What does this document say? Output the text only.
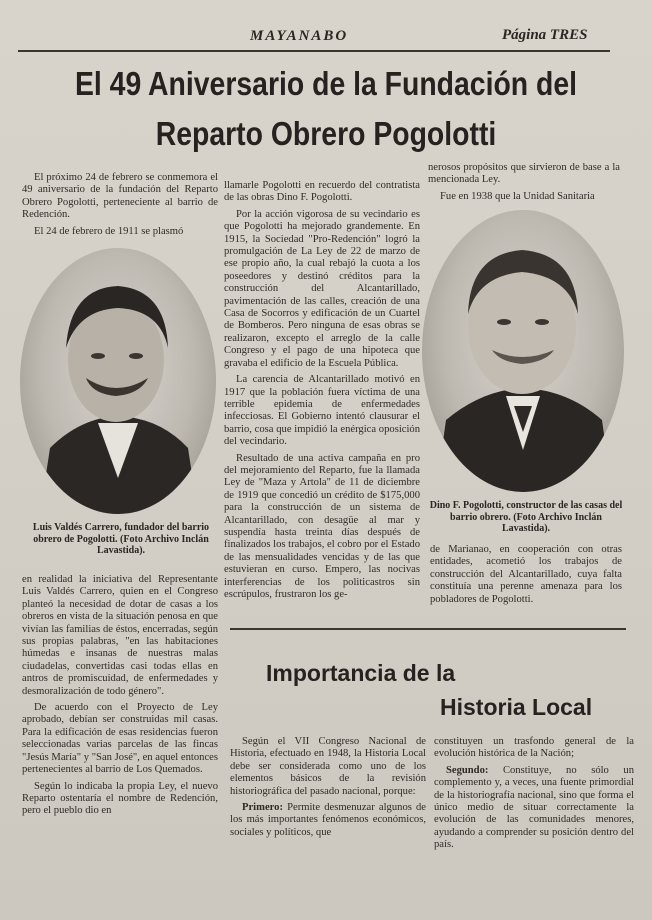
MAYANABO	Página TRES
El 49 Aniversario de la Fundación del
Reparto Obrero Pogolotti

El próximo 24 de febrero se conmemora el 49 aniversario de la fundación del Reparto Obrero Pogolotti, perteneciente al barrio de Redención.

El 24 de febrero de 1911 se plasmó

Luis Valdés Carrero, fundador del barrio obrero de Pogolotti. (Foto Archivo Inclán Lavastida).

en realidad la iniciativa del Representante Luis Valdés Carrero, quien en el Congreso planteó la necesidad de dotar de casas a los obreros en vista de la situación penosa en que vivían las familias de éstos, encerradas, según sus propias palabras, "en las habitaciones húmedas e insanas de nuestras malas ciudadelas, convertidas casi todas ellas en antros de promiscuidad, de enfermedades y desmoralización de todo género".

De acuerdo con el Proyecto de Ley aprobado, debían ser construidas mil casas. Para la edificación de esas residencias fueron seleccionadas varias parcelas de las fincas "Jesús María" y "San José", en aquel entonces pertenecientes al barrio de Los Quemados.

Según lo indicaba la propia Ley, el nuevo Reparto ostentaría el nombre de Redención, pero el pueblo dio en

llamarle Pogolotti en recuerdo del contratista de las obras Dino F. Pogolotti.

Por la acción vigorosa de su vecindario es que Pogolotti ha mejorado grandemente. En 1915, la Sociedad "Pro-Redención" logró la promulgación de La Ley de 22 de marzo de ese propio año, la cual rebajó la cuota a los poseedores y destinó créditos para la construcción del Alcantarillado, pavimentación de las calles, creación de una Casa de Socorros y edificación de un Cuartel de Bomberos. Pero ninguna de esas obras se realizaron, excepto el arreglo de la calle Congreso y el pago de una hipoteca que gravaba el edificio de la Escuela Pública.

La carencia de Alcantarillado motivó en 1917 que la población fuera víctima de una terrible epidemia de enfermedades infecciosas. El Gobierno intentó clausurar el barrio, cosa que impidió la enérgica oposición del vecindario.

Resultado de una activa campaña en pro del mejoramiento del Reparto, fue la llamada Ley de "Maza y Artola" de 11 de diciembre de 1919 que concedió un crédito de $175,000 para la construcción de un sistema de Alcantarillado, con desagüe al mar y suspendía hasta treinta días después de finalizados los trabajos, el cobro por el Estado de las mensualidades vencidas y de las que estuvieran en curso. Empero, las nocivas interferencias de los politicastros sin escrúpulos, frustraron los ge-

nerosos propósitos que sirvieron de base a la mencionada Ley.

Fue en 1938 que la Unidad Sanitaria

Dino F. Pogolotti, constructor de las casas del barrio obrero. (Foto Archivo Inclán Lavastida).

de Marianao, en cooperación con otras entidades, acometió los trabajos de construcción del Alcantarillado, cuya falta constituía una perenne amenaza para los pobladores de Pogolotti.

Importancia de la
Historia Local

Según el VII Congreso Nacional de Historia, efectuado en 1948, la Historia Local debe ser considerada como uno de los elementos básicos de la revisión historiográfica del pasado nacional, porque:

Primero: Permite desmenuzar algunos de los más importantes fenómenos económicos, sociales y políticos, que

constituyen un trasfondo general de la evolución histórica de la Nación;

Segundo: Constituye, no sólo un complemento y, a veces, una fuente primordial de la historiografía nacional, sino que forma el único medio de situar correctamente la evolución de las comunidades menores, ayudando a comprender su posición dentro del país.
